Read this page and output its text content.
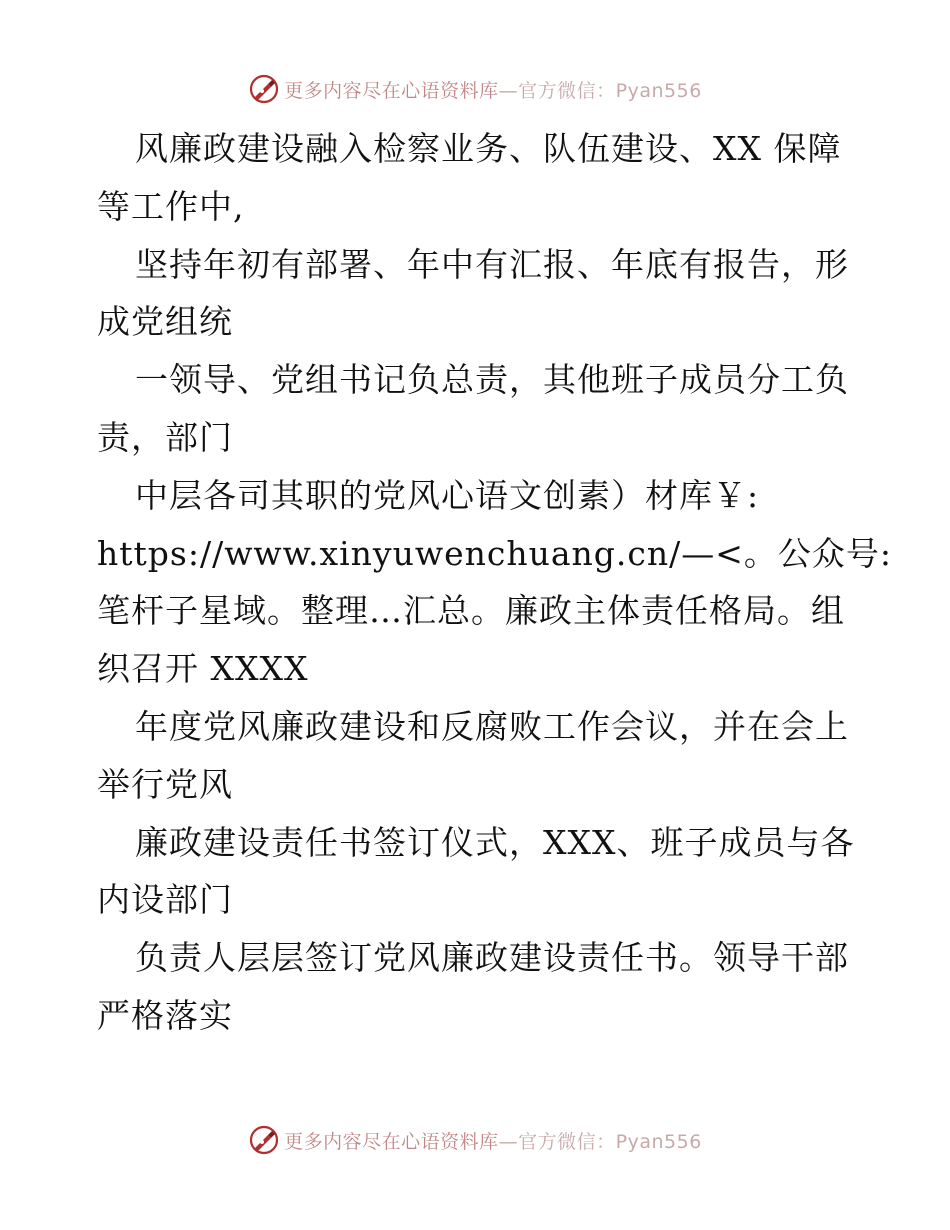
更多内容尽在心语资料库—官方微信：Pyan556
风廉政建设融入检察业务、队伍建设、XX 保障
等工作中,
坚持年初有部署、年中有汇报、年底有报告，形
成党组统
一领导、党组书记负总责，其他班子成员分工负
责，部门
中层各司其职的党风心语文创素）材库￥:
https://www.xinyuwenchuang.cn/—<。公众号:
笔杆子星域。整理…汇总。廉政主体责任格局。组
织召开 XXXX
年度党风廉政建设和反腐败工作会议，并在会上
举行党风
廉政建设责任书签订仪式，XXX、班子成员与各
内设部门
负责人层层签订党风廉政建设责任书。领导干部
严格落实
更多内容尽在心语资料库—官方微信：Pyan556
